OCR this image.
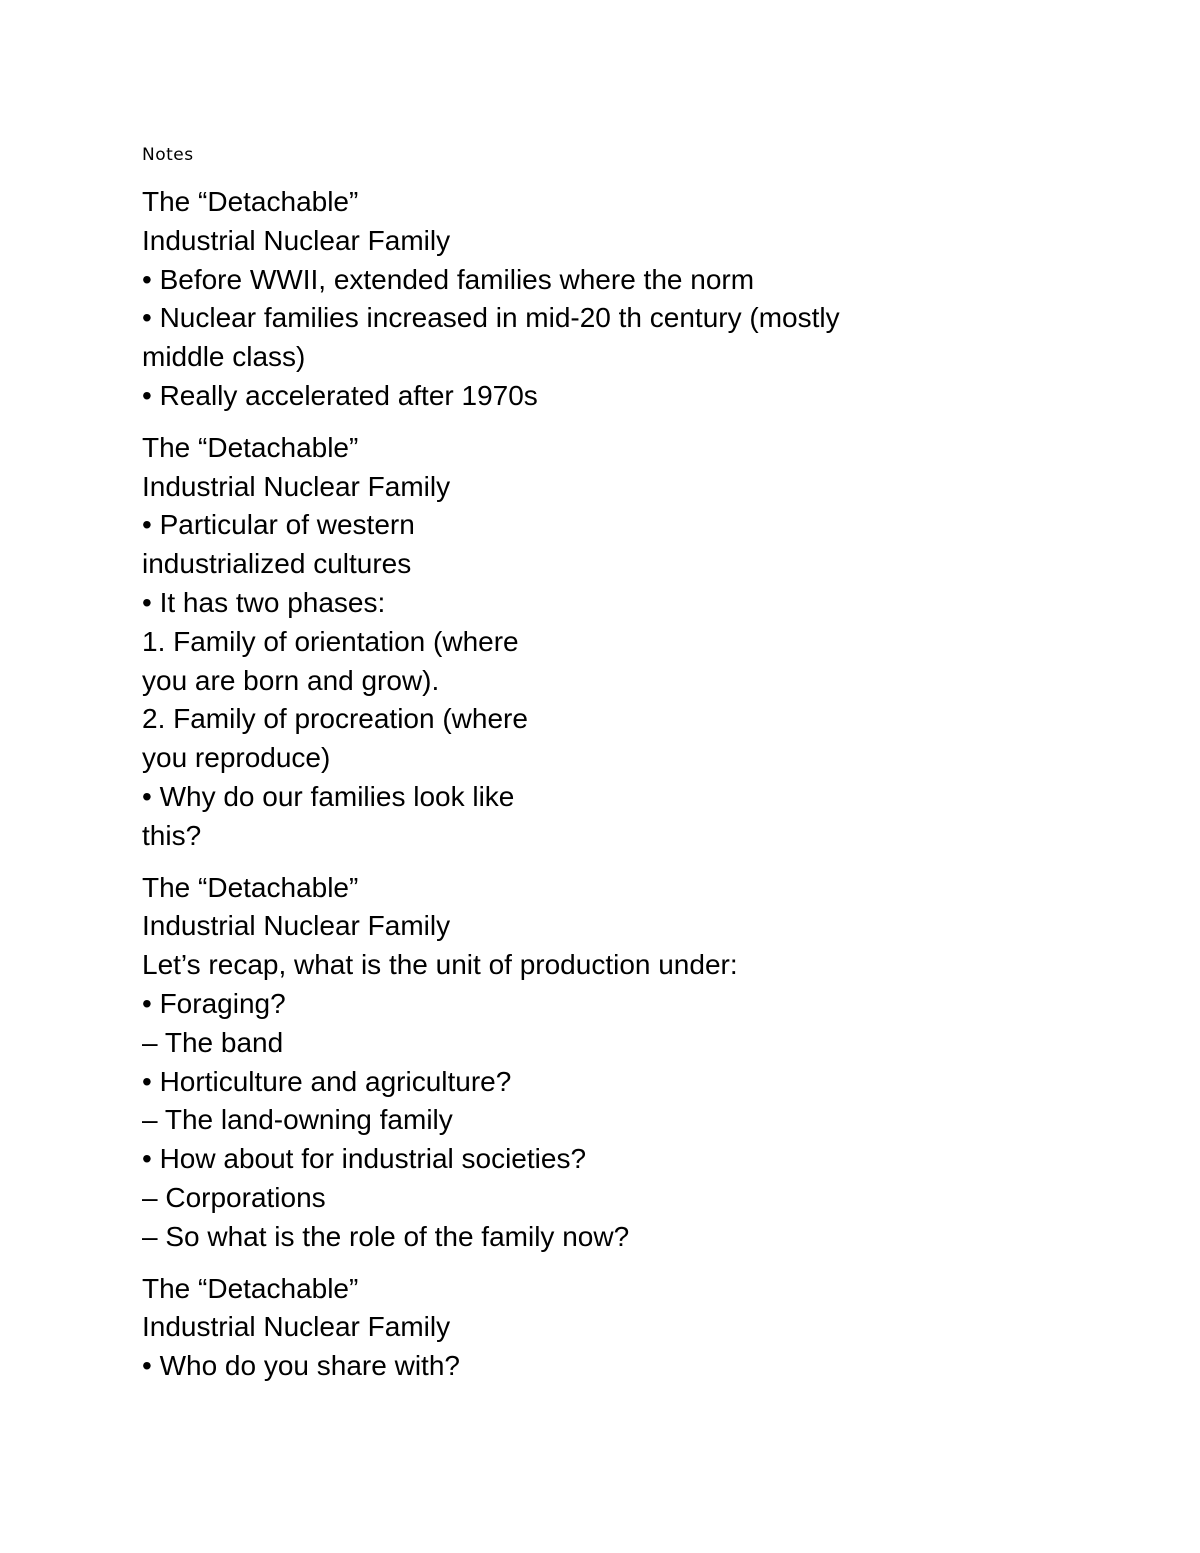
Notes
The “Detachable”
Industrial Nuclear Family
• Before WWII, extended families where the norm
• Nuclear families increased in mid-20 th century (mostly
middle class)
• Really accelerated after 1970s
The “Detachable”
Industrial Nuclear Family
• Particular of western
industrialized cultures
• It has two phases:
1. Family of orientation (where
you are born and grow).
2. Family of procreation (where
you reproduce)
• Why do our families look like
this?
The “Detachable”
Industrial Nuclear Family
Let’s recap, what is the unit of production under:
• Foraging?
– The band
• Horticulture and agriculture?
– The land-owning family
• How about for industrial societies?
– Corporations
– So what is the role of the family now?
The “Detachable”
Industrial Nuclear Family
• Who do you share with?
